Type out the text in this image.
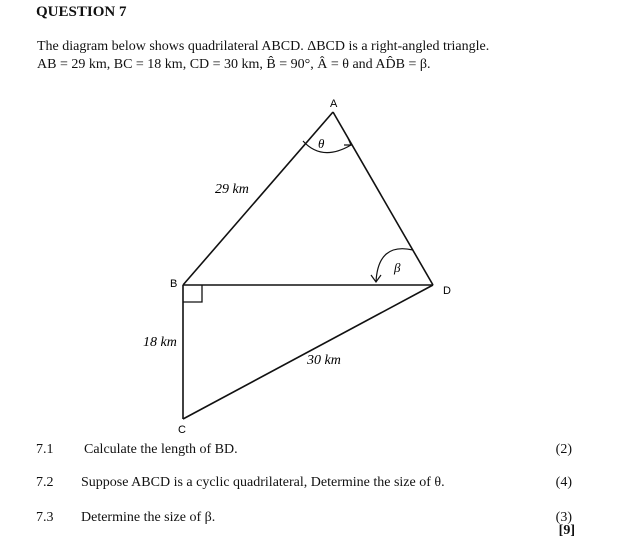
QUESTION 7
The diagram below shows quadrilateral ABCD. ΔBCD is a right-angled triangle.
AB = 29 km, BC = 18 km, CD = 30 km, B̂ = 90°, Â = θ and AD̂B = β.
A
B
C
D
29 km
18 km
30 km
θ
β
7.1 Calculate the length of BD.	(2)
7.2 Suppose ABCD is a cyclic quadrilateral, Determine the size of θ.	(4)
7.3 Determine the size of β.	(3)
[9]
